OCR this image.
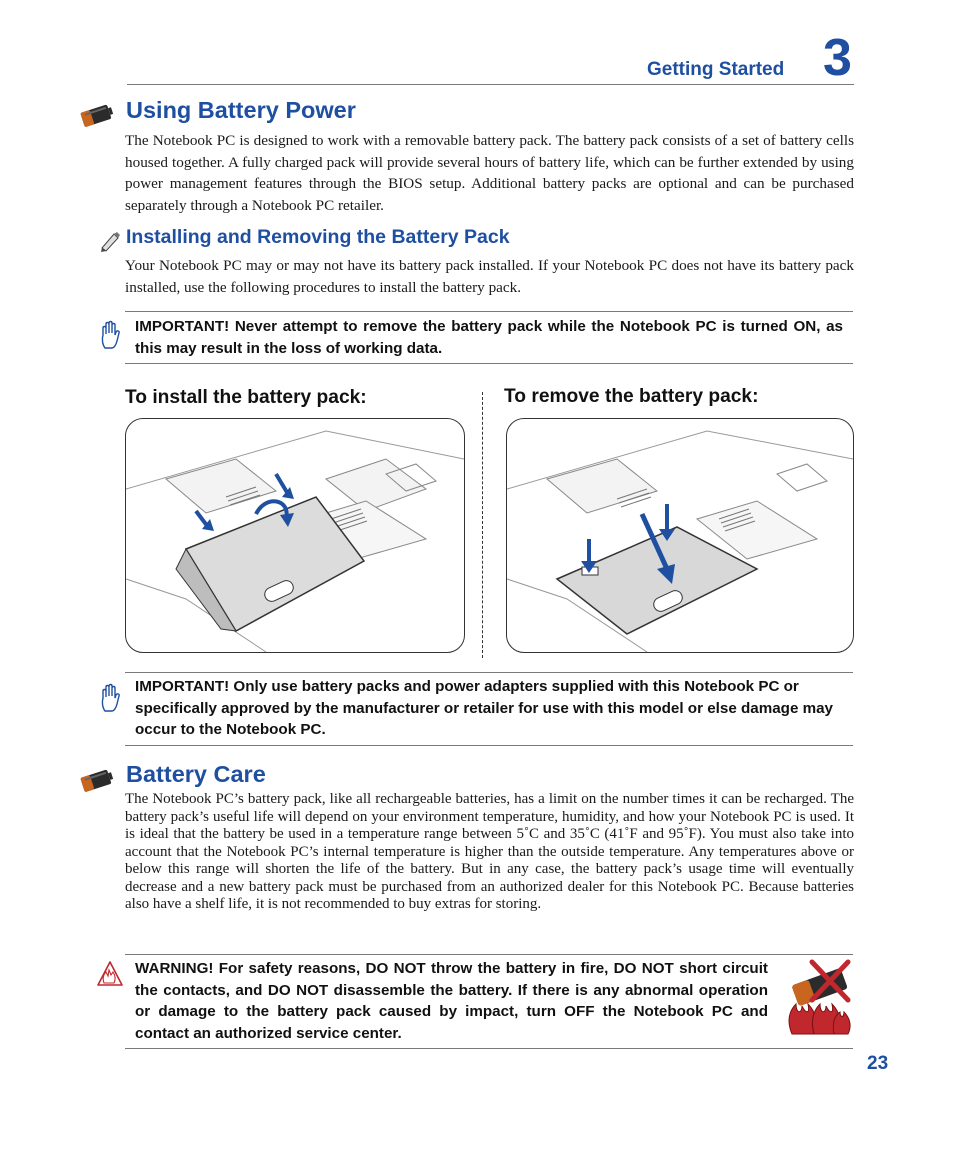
Getting Started 3
Using Battery Power
The Notebook PC is designed to work with a removable battery pack. The battery pack consists of a set of battery cells housed together. A fully charged pack will provide several hours of battery life, which can be further extended by using power management features through the BIOS setup. Additional battery packs are optional and can be purchased separately through a Notebook PC retailer.
Installing and Removing the Battery Pack
Your Notebook PC may or may not have its battery pack installed. If your Notebook PC does not have its battery pack installed, use the following procedures to install the battery pack.
IMPORTANT! Never attempt to remove the battery pack while the Notebook PC is turned ON, as this may result in the loss of working data.
To install the battery pack:	To remove the battery pack:
IMPORTANT! Only use battery packs and power adapters supplied with this Notebook PC or specifically approved by the manufacturer or retailer for use with this model or else damage may occur to the Notebook PC.
Battery Care
The Notebook PC’s battery pack, like all rechargeable batteries, has a limit on the number times it can be recharged. The battery pack’s useful life will depend on your environment temperature, humidity, and how your Notebook PC is used. It is ideal that the battery be used in a temperature range between 5˚C and 35˚C (41˚F and 95˚F). You must also take into account that the Notebook PC’s internal temperature is higher than the outside temperature. Any temperatures above or below this range will shorten the life of the battery. But in any case, the battery pack’s usage time will eventually decrease and a new battery pack must be purchased from an authorized dealer for this Notebook PC. Because batteries also have a shelf life, it is not recommended to buy extras for storing.
WARNING! For safety reasons, DO NOT throw the battery in fire, DO NOT short circuit the contacts, and DO NOT disassemble the battery. If there is any abnormal operation or damage to the battery pack caused by impact, turn OFF the Notebook PC and contact an authorized service center.
23
